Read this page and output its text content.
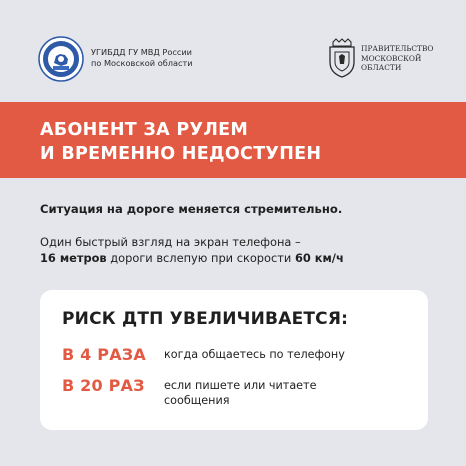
УГИБДД ГУ МВД России
по Московской области
ПРАВИТЕЛЬСТВО
МОСКОВСКОЙ
ОБЛАСТИ
АБОНЕНТ ЗА РУЛЕМ
И ВРЕМЕННО НЕДОСТУПЕН
Ситуация на дороге меняется стремительно.
Один быстрый взгляд на экран телефона –
16 метров дороги вслепую при скорости 60 км/ч
РИСК ДТП УВЕЛИЧИВАЕТСЯ:
В 4 РАЗА когда общаетесь по телефону
В 20 РАЗ если пишете или читаете
сообщения
